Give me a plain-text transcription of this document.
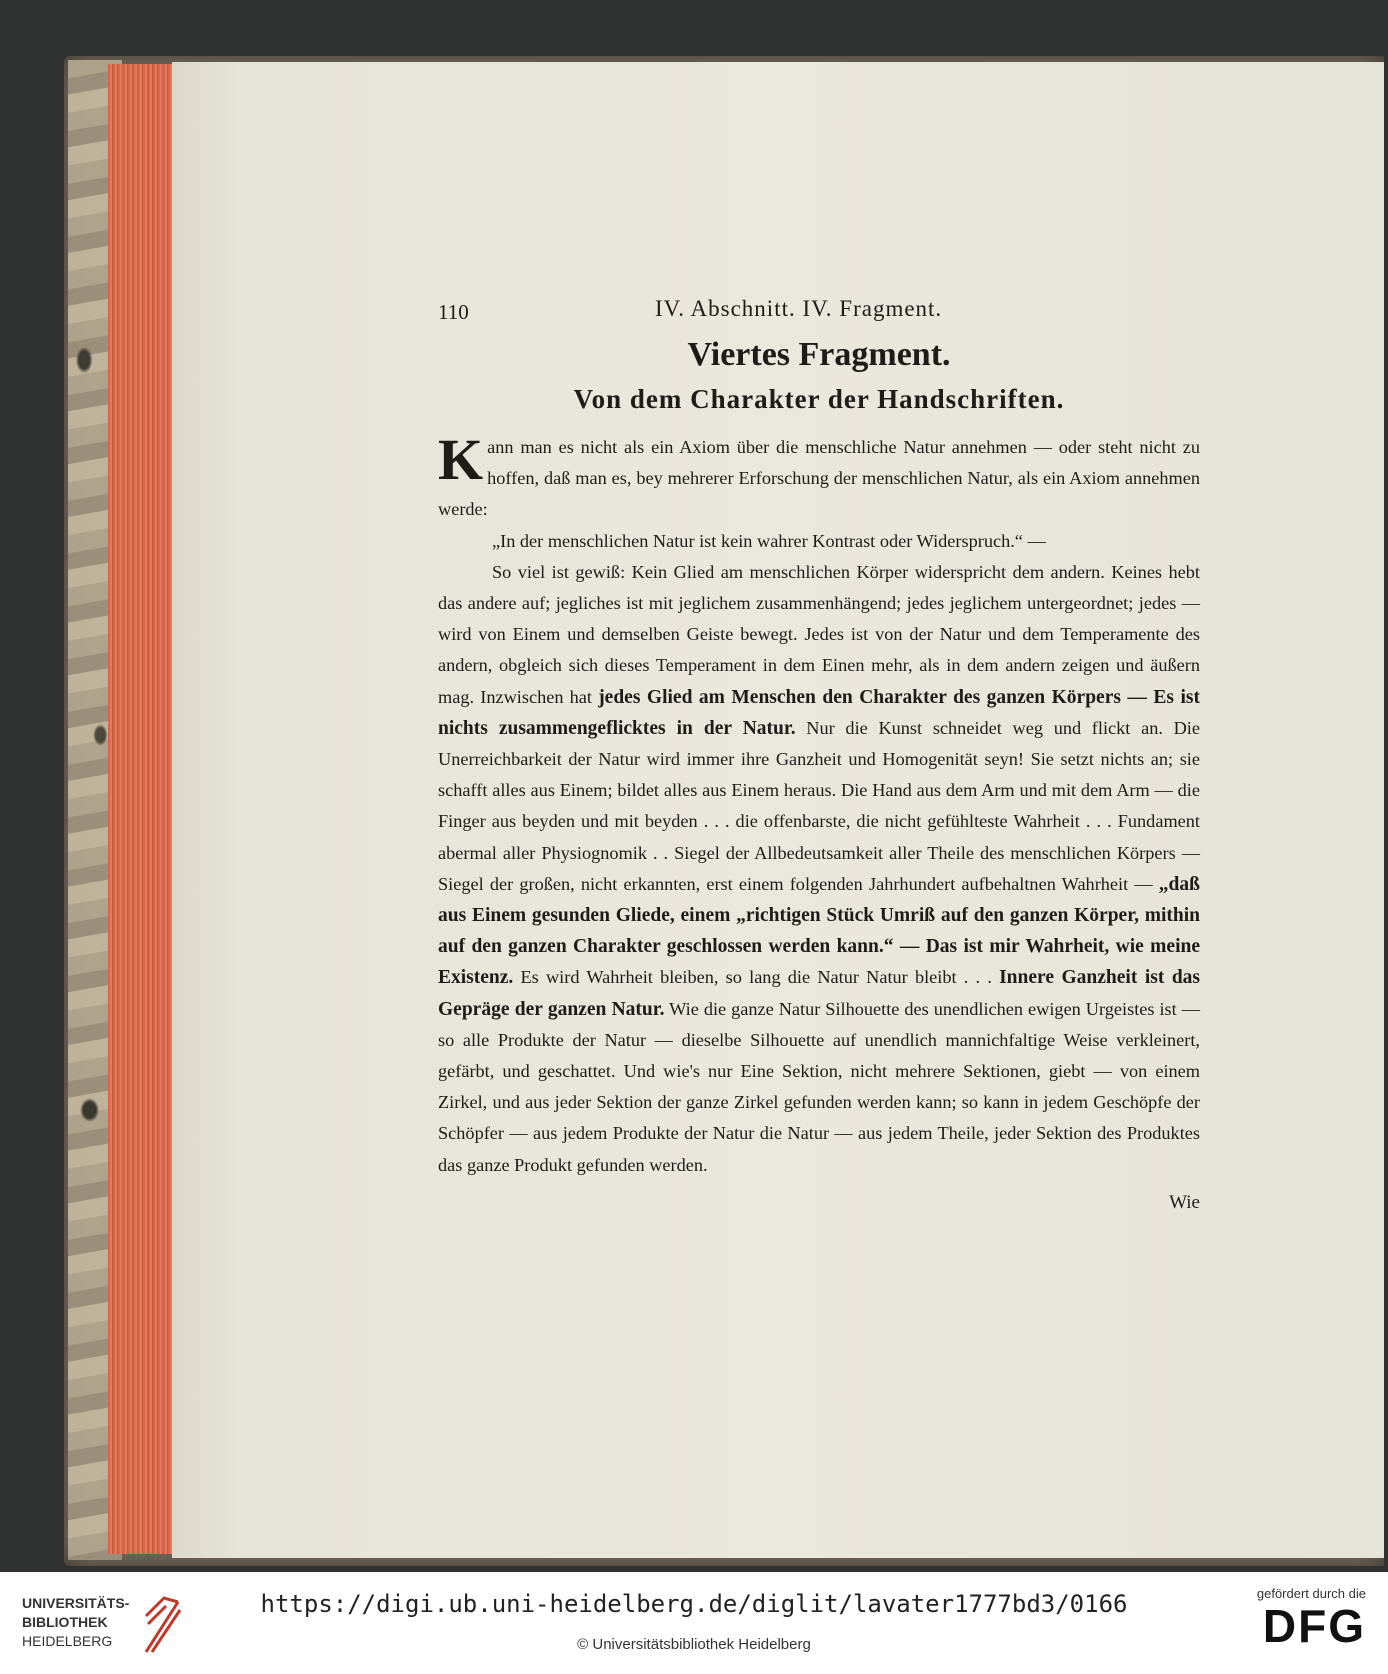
110	IV. Abschnitt. IV. Fragment.
Viertes Fragment.
Von dem Charakter der Handschriften.

Kann man es nicht als ein Axiom über die menschliche Natur annehmen — oder steht nicht zu hoffen, daß man es, bey mehrerer Erforschung der menschlichen Natur, als ein Axiom annehmen werde:

„In der menschlichen Natur ist kein wahrer Kontrast oder Widerspruch.“ —

So viel ist gewiß: Kein Glied am menschlichen Körper widerspricht dem andern. Keines hebt das andere auf; jegliches ist mit jeglichem zusammenhängend; jedes jeglichem untergeordnet; jedes — wird von Einem und demselben Geiste bewegt. Jedes ist von der Natur und dem Temperamente des andern, obgleich sich dieses Temperament in dem Einen mehr, als in dem andern zeigen und äußern mag. Inzwischen hat jedes Glied am Menschen den Charakter des ganzen Körpers — Es ist nichts zusammengeflicktes in der Natur. Nur die Kunst schneidet weg und flickt an. Die Unerreichbarkeit der Natur wird immer ihre Ganzheit und Homogenität seyn! Sie setzt nichts an; sie schafft alles aus Einem; bildet alles aus Einem heraus. Die Hand aus dem Arm und mit dem Arm — die Finger aus beyden und mit beyden . . . die offenbarste, die nicht gefühlteste Wahrheit . . . Fundament abermal aller Physiognomik . . Siegel der Allbedeutsamkeit aller Theile des menschlichen Körpers — Siegel der großen, nicht erkannten, erst einem folgenden Jahrhundert aufbehaltnen Wahrheit — „daß aus Einem gesunden Gliede, einem „richtigen Stück Umriß auf den ganzen Körper, mithin auf den ganzen Charakter geschlossen werden kann.“ — Das ist mir Wahrheit, wie meine Existenz. Es wird Wahrheit bleiben, so lang die Natur Natur bleibt . . . Innere Ganzheit ist das Gepräge der ganzen Natur. Wie die ganze Natur Silhouette des unendlichen ewigen Urgeistes ist — so alle Produkte der Natur — dieselbe Silhouette auf unendlich mannichfaltige Weise verkleinert, gefärbt, und geschattet. Und wie's nur Eine Sektion, nicht mehrere Sektionen, giebt — von einem Zirkel, und aus jeder Sektion der ganze Zirkel gefunden werden kann; so kann in jedem Geschöpfe der Schöpfer — aus jedem Produkte der Natur die Natur — aus jedem Theile, jeder Sektion des Produktes das ganze Produkt gefunden werden.

Wie
UNIVERSITÄTS-
BIBLIOTHEK
HEIDELBERG
https://digi.ub.uni-heidelberg.de/diglit/lavater1777bd3/0166
© Universitätsbibliothek Heidelberg
gefördert durch die
DFG
